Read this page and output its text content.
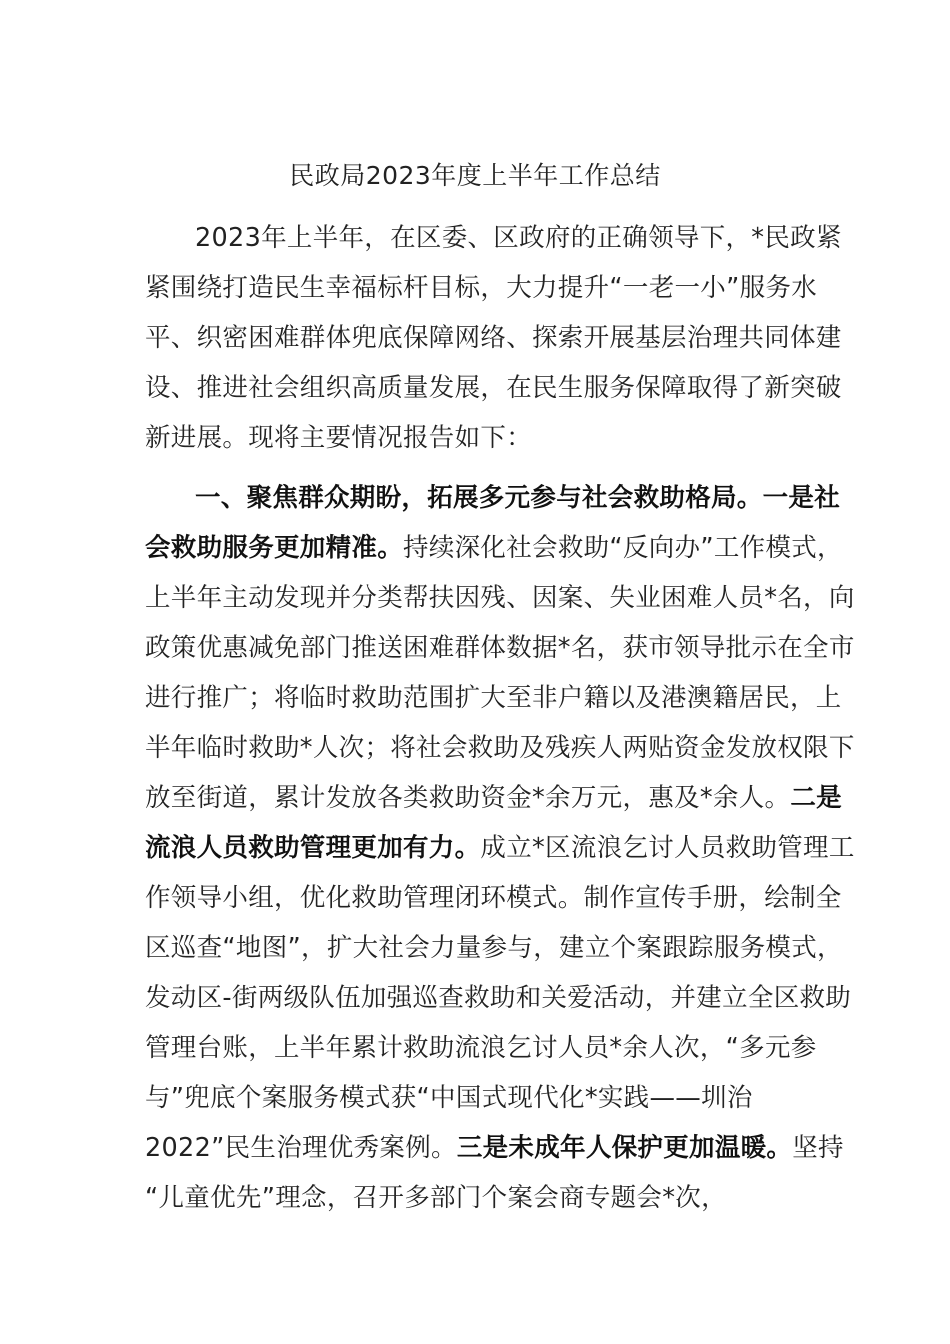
民政局2023年度上半年工作总结
2023年上半年，在区委、区政府的正确领导下，*民政紧
紧围绕打造民生幸福标杆目标，大力提升“一老一小”服务水
平、织密困难群体兜底保障网络、探索开展基层治理共同体建
设、推进社会组织高质量发展，在民生服务保障取得了新突破
新进展。现将主要情况报告如下：
一、聚焦群众期盼，拓展多元参与社会救助格局。一是社
会救助服务更加精准。持续深化社会救助“反向办”工作模式，
上半年主动发现并分类帮扶因残、因案、失业困难人员*名，向
政策优惠减免部门推送困难群体数据*名，获市领导批示在全市
进行推广；将临时救助范围扩大至非户籍以及港澳籍居民，上
半年临时救助*人次；将社会救助及残疾人两贴资金发放权限下
放至街道，累计发放各类救助资金*余万元，惠及*余人。二是
流浪人员救助管理更加有力。成立*区流浪乞讨人员救助管理工
作领导小组，优化救助管理闭环模式。制作宣传手册，绘制全
区巡查“地图”，扩大社会力量参与，建立个案跟踪服务模式，
发动区-街两级队伍加强巡查救助和关爱活动，并建立全区救助
管理台账，上半年累计救助流浪乞讨人员*余人次，“多元参
与”兜底个案服务模式获“中国式现代化*实践——圳治
2022”民生治理优秀案例。三是未成年人保护更加温暖。坚持
“儿童优先”理念，召开多部门个案会商专题会*次，
